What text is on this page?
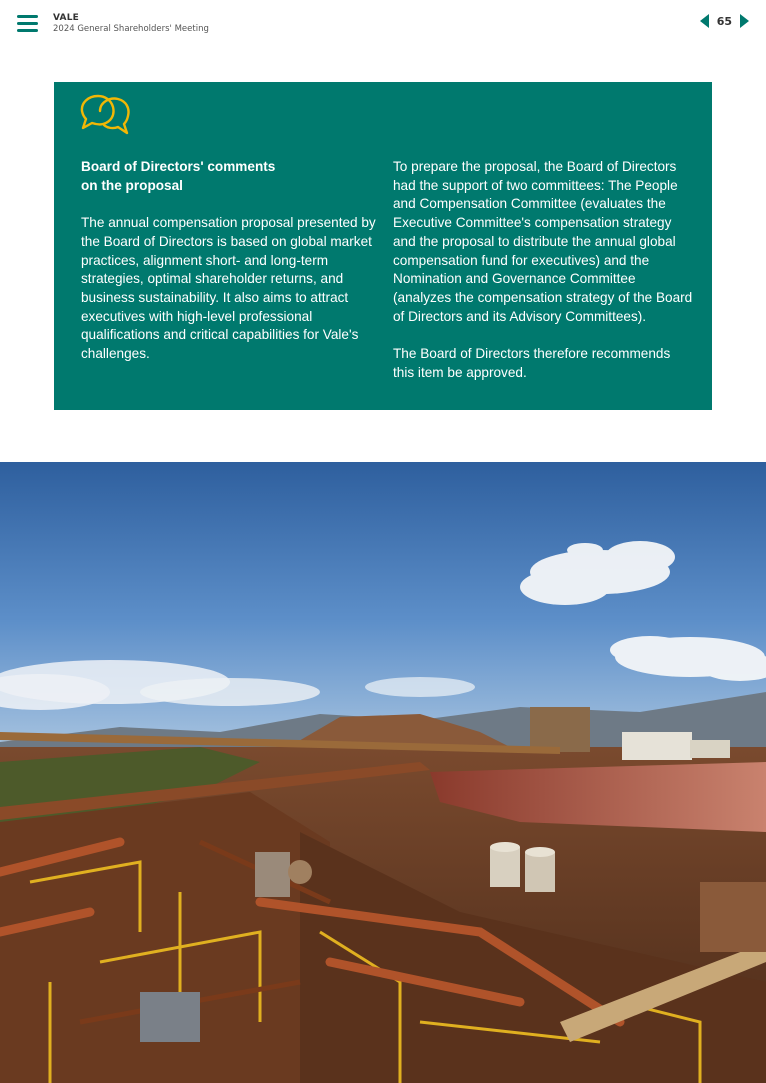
VALE
2024 General Shareholders' Meeting
65

Board of Directors' comments
on the proposal

The annual compensation proposal presented by the Board of Directors is based on global market practices, alignment short- and long-term strategies, optimal shareholder returns, and business sustainability. It also aims to attract executives with high-level professional qualifications and critical capabilities for Vale's challenges.

To prepare the proposal, the Board of Directors had the support of two committees: The People and Compensation Committee (evaluates the Executive Committee's compensation strategy and the proposal to distribute the annual global compensation fund for executives) and the Nomination and Governance Committee (analyzes the compensation strategy of the Board of Directors and its Advisory Committees).

The Board of Directors therefore recommends this item be approved.
